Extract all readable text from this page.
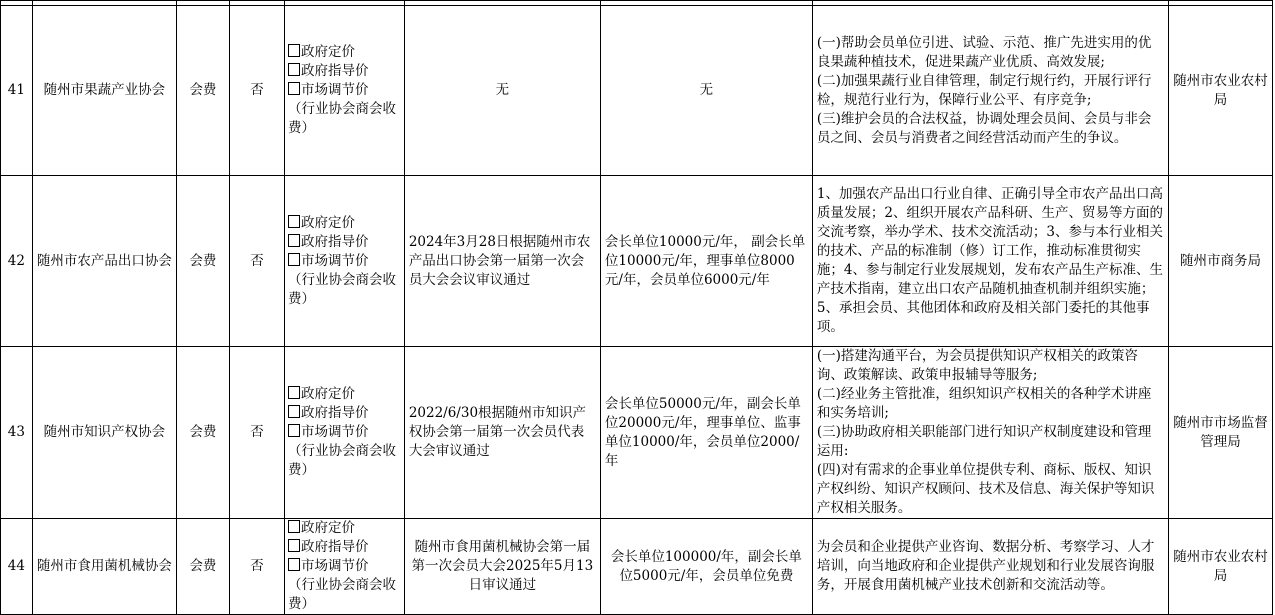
41	随州市果蔬产业协会	会费	否	政府定价
政府指导价
市场调节价
（行业协会商会收费）	无	无	(一)帮助会员单位引进、试验、示范、推广先进实用的优良果蔬种植技术，促进果蔬产业优质、高效发展;
(二)加强果蔬行业自律管理，制定行规行约，开展行评行检，规范行业行为，保障行业公平、有序竞争;
(三)维护会员的合法权益，协调处理会员间、会员与非会员之间、会员与消费者之间经营活动而产生的争议。	随州市农业农村局
42	随州市农产品出口协会	会费	否	政府定价
政府指导价
市场调节价
（行业协会商会收费）	2024年3月28日根据随州市农产品出口协会第一届第一次会员大会会议审议通过	会长单位10000元/年， 副会长单位10000元/年，理事单位8000元/年，会员单位6000元/年	1、加强农产品出口行业自律、正确引导全市农产品出口高质量发展；2、组织开展农产品科研、生产、贸易等方面的交流考察，举办学术、技术交流活动；3、参与本行业相关的技术、产品的标准制（修）订工作，推动标准贯彻实施；4、参与制定行业发展规划，发布农产品生产标准、生产技术指南，建立出口农产品随机抽查机制并组织实施；5、承担会员、其他团体和政府及相关部门委托的其他事项。	随州市商务局
43	随州市知识产权协会	会费	否	政府定价
政府指导价
市场调节价
（行业协会商会收费）	2022/6/30根据随州市知识产权协会第一届第一次会员代表大会审议通过	会长单位50000元/年，副会长单位20000元/年，理事单位、监事单位10000/年，会员单位2000/年	(一)搭建沟通平台，为会员提供知识产权相关的政策咨询、政策解读、政策申报辅导等服务;
(二)经业务主管批准，组织知识产权相关的各种学术讲座和实务培训;
(三)协助政府相关职能部门进行知识产权制度建设和管理运用:
(四)对有需求的企事业单位提供专利、商标、版权、知识产权纠纷、知识产权顾问、技术及信息、海关保护等知识产权相关服务。	随州市市场监督管理局
44	随州市食用菌机械协会	会费	否	政府定价
政府指导价
市场调节价
（行业协会商会收费）	随州市食用菌机械协会第一届第一次会员大会2025年5月13日审议通过	会长单位100000/年，副会长单位5000元/年，会员单位免费	为会员和企业提供产业咨询、数据分析、考察学习、人才培训，向当地政府和企业提供产业规划和行业发展咨询服务，开展食用菌机械产业技术创新和交流活动等。	随州市农业农村局
